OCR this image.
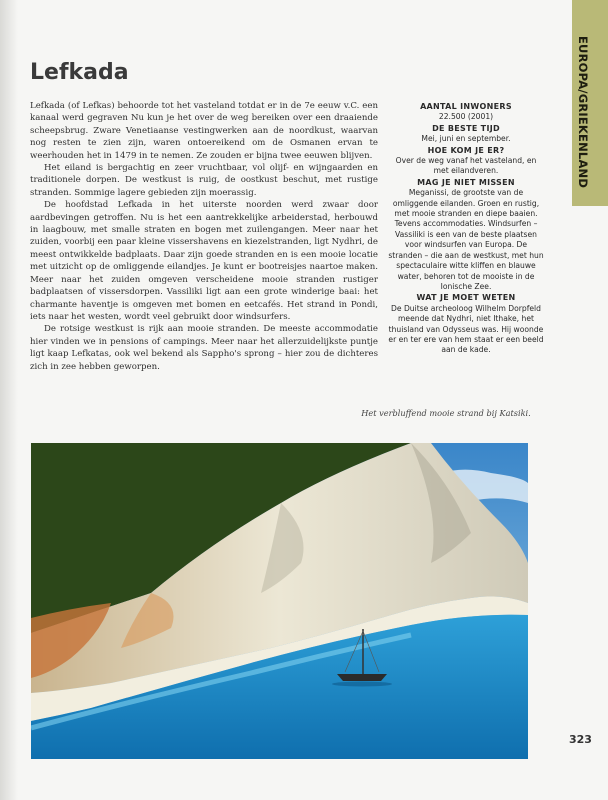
EUROPA/GRIEKENLAND
Lefkada

Lefkada (of Lefkas) behoorde tot het vasteland totdat er in de 7e eeuw v.C. een kanaal werd gegraven Nu kun je het over de weg bereiken over een draaiende scheepsbrug. Zware Venetiaanse vestingwerken aan de noordkust, waarvan nog resten te zien zijn, waren ontoereikend om de Osmanen ervan te weerhouden het in 1479 in te nemen. Ze zouden er bijna twee eeuwen blijven.

Het eiland is bergachtig en zeer vruchtbaar, vol olijf- en wijngaarden en traditionele dorpen. De westkust is ruig, de oostkust beschut, met rustige stranden. Sommige lagere gebieden zijn moerassig.

De hoofdstad Lefkada in het uiterste noorden werd zwaar door aardbevingen getroffen. Nu is het een aantrekkelijke arbeiderstad, herbouwd in laagbouw, met smalle straten en bogen met zuilengangen. Meer naar het zuiden, voorbij een paar kleine vissershavens en kiezelstranden, ligt Nydhri, de meest ontwikkelde badplaats. Daar zijn goede stranden en is een mooie locatie met uitzicht op de omliggende eilandjes. Je kunt er bootreisjes naartoe maken. Meer naar het zuiden omgeven verscheidene mooie stranden rustiger badplaatsen of vissersdorpen. Vassiliki ligt aan een grote winderige baai: het charmante haventje is omgeven met bomen en eetcafés. Het strand in Pondi, iets naar het westen, wordt veel gebruikt door windsurfers.

De rotsige westkust is rijk aan mooie stranden. De meeste accommodatie hier vinden we in pensions of campings. Meer naar het allerzuidelijkste puntje ligt kaap Lefkatas, ook wel bekend als Sappho's sprong – hier zou de dichteres zich in zee hebben geworpen.

AANTAL INWONERS
22.500 (2001)
DE BESTE TIJD
Mei, juni en september.
HOE KOM JE ER?
Over de weg vanaf het vasteland, en met eilandveren.
MAG JE NIET MISSEN
Meganissi, de grootste van de omliggende eilanden. Groen en rustig, met mooie stranden en diepe baaien. Tevens accommodaties. Windsurfen – Vassiliki is een van de beste plaatsen voor windsurfen van Europa. De stranden – die aan de westkust, met hun spectaculaire witte kliffen en blauwe water, behoren tot de mooiste in de Ionische Zee.
WAT JE MOET WETEN
De Duitse archeoloog Wilhelm Dorpfeld meende dat Nydhri, niet Ithake, het thuisland van Odysseus was. Hij woonde er en ter ere van hem staat er een beeld aan de kade.
Het verbluffend mooie strand bij Katsiki.
323
